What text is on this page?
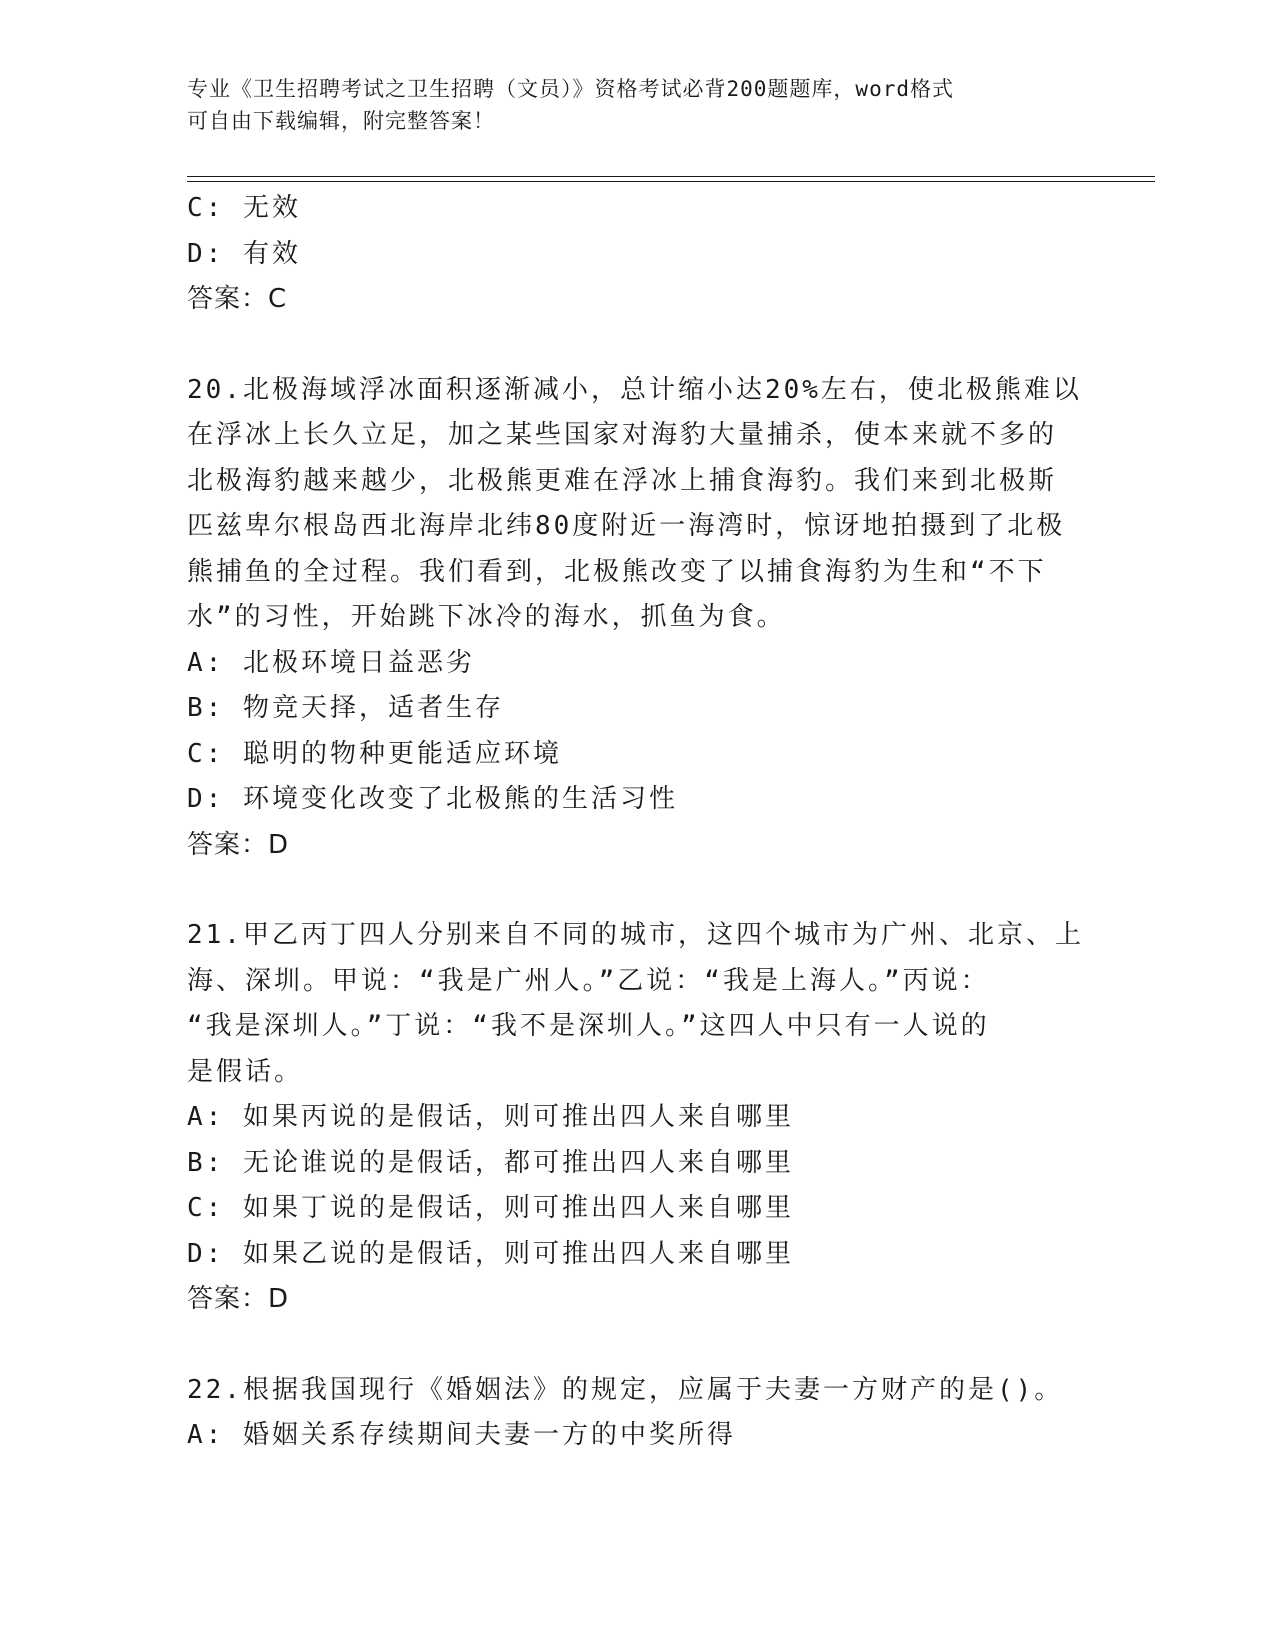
专业《卫生招聘考试之卫生招聘（文员）》资格考试必背200题题库，word格式
可自由下载编辑，附完整答案！

C: 无效

D: 有效

答案：C

20.北极海域浮冰面积逐渐减小，总计缩小达20%左右，使北极熊难以

在浮冰上长久立足，加之某些国家对海豹大量捕杀，使本来就不多的

北极海豹越来越少，北极熊更难在浮冰上捕食海豹。我们来到北极斯

匹兹卑尔根岛西北海岸北纬80度附近一海湾时，惊讶地拍摄到了北极

熊捕鱼的全过程。我们看到，北极熊改变了以捕食海豹为生和“不下

水”的习性，开始跳下冰冷的海水，抓鱼为食。

A: 北极环境日益恶劣

B: 物竞天择，适者生存

C: 聪明的物种更能适应环境

D: 环境变化改变了北极熊的生活习性

答案：D

21.甲乙丙丁四人分别来自不同的城市，这四个城市为广州、北京、上

海、深圳。甲说：“我是广州人。”乙说：“我是上海人。”丙说：

“我是深圳人。”丁说：“我不是深圳人。”这四人中只有一人说的

是假话。

A: 如果丙说的是假话，则可推出四人来自哪里

B: 无论谁说的是假话，都可推出四人来自哪里

C: 如果丁说的是假话，则可推出四人来自哪里

D: 如果乙说的是假话，则可推出四人来自哪里

答案：D

22.根据我国现行《婚姻法》的规定，应属于夫妻一方财产的是()。

A: 婚姻关系存续期间夫妻一方的中奖所得
